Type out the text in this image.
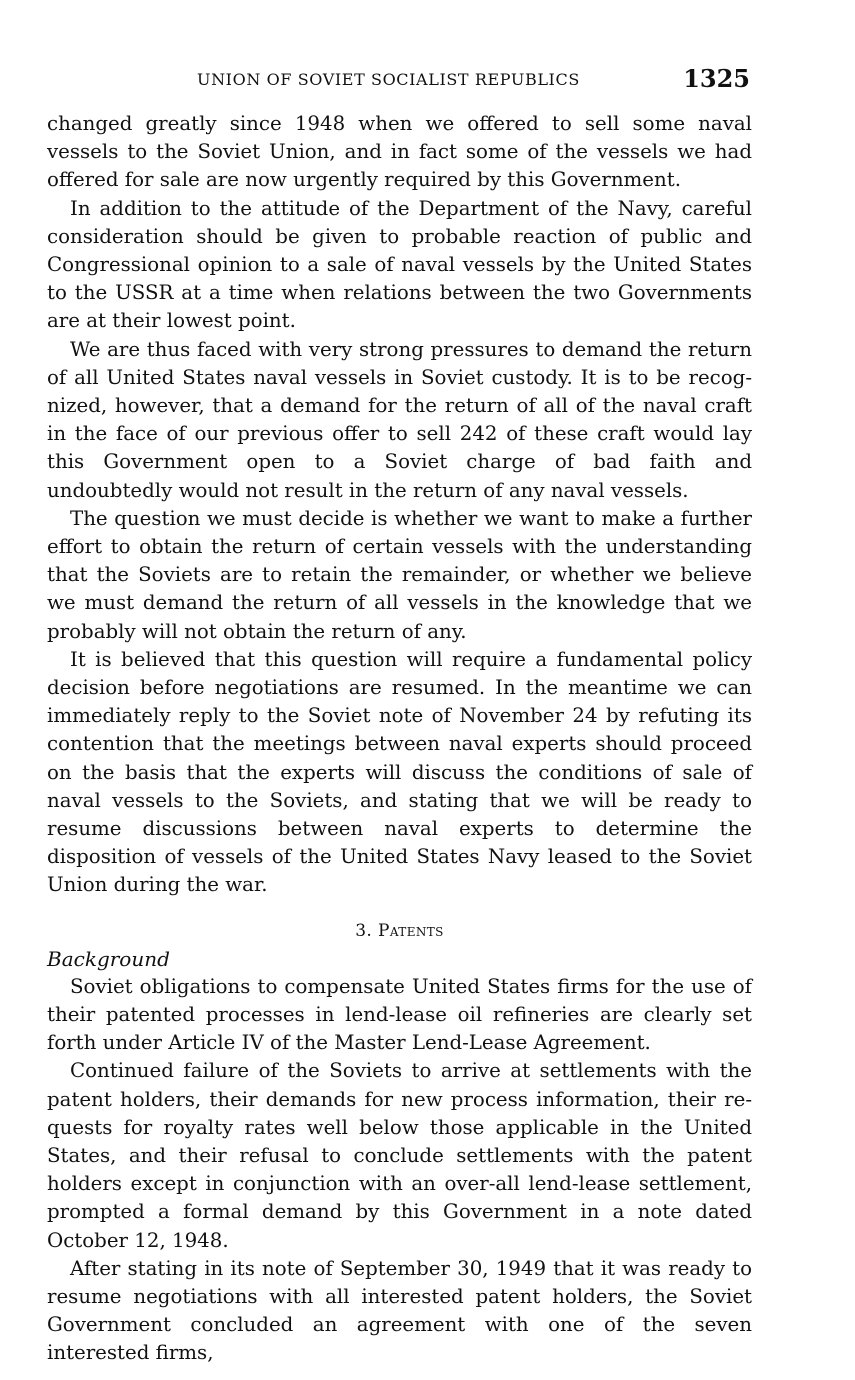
UNION OF SOVIET SOCIALIST REPUBLICS	1325

changed greatly since 1948 when we offered to sell some naval vessels to the Soviet Union, and in fact some of the vessels we had offered for sale are now urgently required by this Government.

In addition to the attitude of the Department of the Navy, careful consideration should be given to probable reaction of public and Congressional opinion to a sale of naval vessels by the United States to the USSR at a time when relations between the two Governments are at their lowest point.

We are thus faced with very strong pressures to demand the return of all United States naval vessels in Soviet custody. It is to be recognized, however, that a demand for the return of all of the naval craft in the face of our previous offer to sell 242 of these craft would lay this Government open to a Soviet charge of bad faith and undoubtedly would not result in the return of any naval vessels.

The question we must decide is whether we want to make a further effort to obtain the return of certain vessels with the understanding that the Soviets are to retain the remainder, or whether we believe we must demand the return of all vessels in the knowledge that we probably will not obtain the return of any.

It is believed that this question will require a fundamental policy decision before negotiations are resumed. In the meantime we can immediately reply to the Soviet note of November 24 by refuting its contention that the meetings between naval experts should proceed on the basis that the experts will discuss the conditions of sale of naval vessels to the Soviets, and stating that we will be ready to resume discussions between naval experts to determine the disposition of vessels of the United States Navy leased to the Soviet Union during the war.

3. Patents

Background

Soviet obligations to compensate United States firms for the use of their patented processes in lend-lease oil refineries are clearly set forth under Article IV of the Master Lend-Lease Agreement.

Continued failure of the Soviets to arrive at settlements with the patent holders, their demands for new process information, their requests for royalty rates well below those applicable in the United States, and their refusal to conclude settlements with the patent holders except in conjunction with an over-all lend-lease settlement, prompted a formal demand by this Government in a note dated October 12, 1948.

After stating in its note of September 30, 1949 that it was ready to resume negotiations with all interested patent holders, the Soviet Government concluded an agreement with one of the seven interested firms,
